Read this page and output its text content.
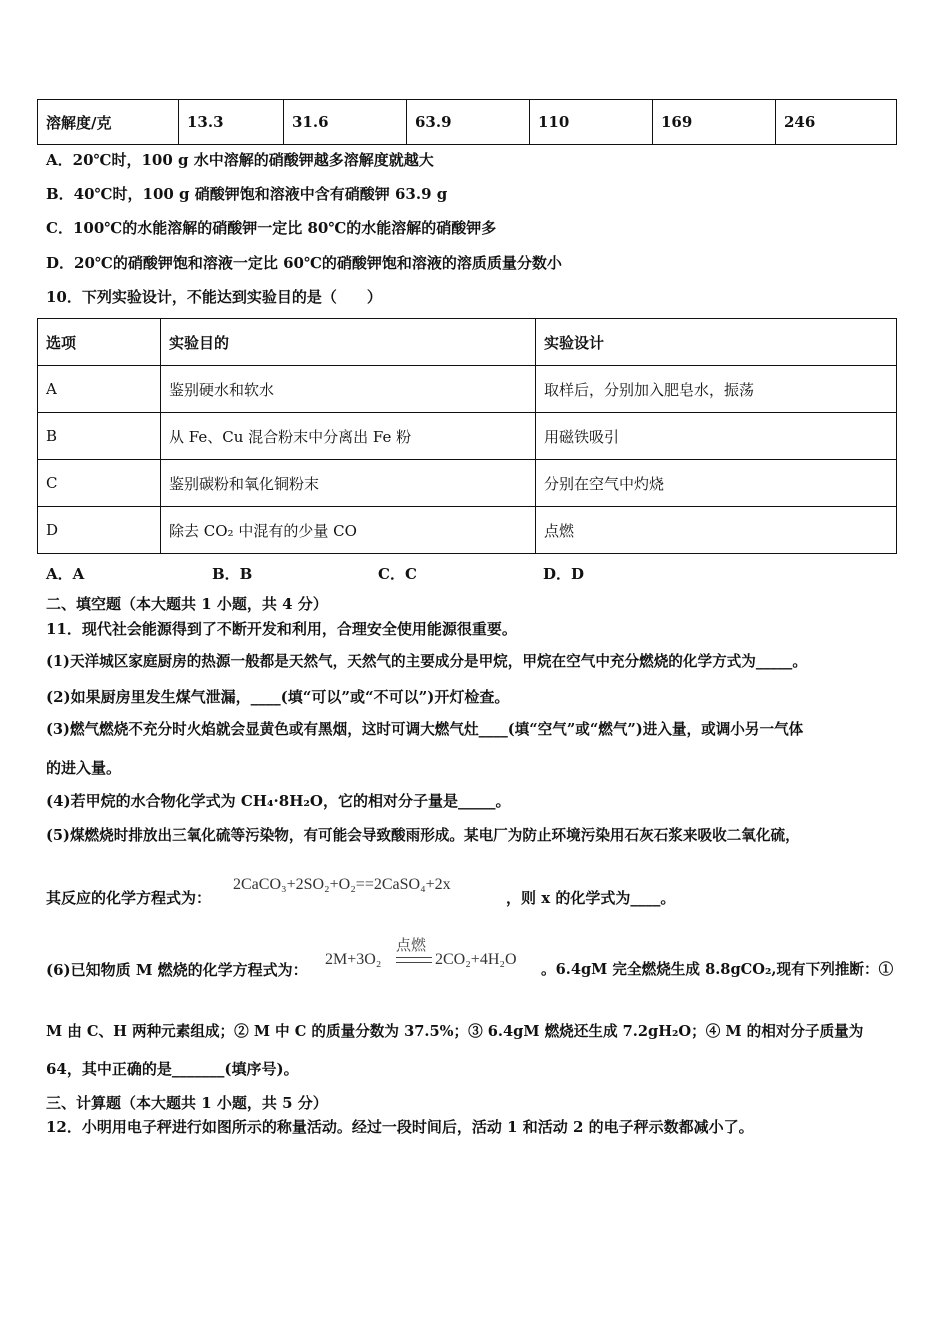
溶解度/克	13.3	31.6	63.9	110	169	246
A．20℃时，100 g 水中溶解的硝酸钾越多溶解度就越大
B．40℃时，100 g 硝酸钾饱和溶液中含有硝酸钾 63.9 g
C．100℃的水能溶解的硝酸钾一定比 80℃的水能溶解的硝酸钾多
D．20℃的硝酸钾饱和溶液一定比 60℃的硝酸钾饱和溶液的溶质质量分数小
10．下列实验设计，不能达到实验目的是（　　）
选项	实验目的	实验设计
A	鉴别硬水和软水	取样后，分别加入肥皂水，振荡
B	从 Fe、Cu 混合粉末中分离出 Fe 粉	用磁铁吸引
C	鉴别碳粉和氧化铜粉末	分别在空气中灼烧
D	除去 CO₂ 中混有的少量 CO	点燃
A．A	B．B	C．C	D．D
二、填空题（本大题共 1 小题，共 4 分）
11．现代社会能源得到了不断开发和利用，合理安全使用能源很重要。
(1)天洋城区家庭厨房的热源一般都是天然气，天然气的主要成分是甲烷，甲烷在空气中充分燃烧的化学方式为_____。
(2)如果厨房里发生煤气泄漏，____(填“可以”或“不可以”)开灯检查。
(3)燃气燃烧不充分时火焰就会显黄色或有黑烟，这时可调大燃气灶____(填“空气”或“燃气”)进入量，或调小另一气体
的进入量。
(4)若甲烷的水合物化学式为 CH₄·8H₂O，它的相对分子量是_____。
(5)煤燃烧时排放出三氧化硫等污染物，有可能会导致酸雨形成。某电厂为防止环境污染用石灰石浆来吸收二氧化硫，
其反应的化学方程式为：
2CaCO₃+2SO₂+O₂==2CaSO₄+2x
，则 x 的化学式为____。
(6)已知物质 M 燃烧的化学方程式为：
2M+3O₂
点燃
2CO₂+4H₂O
。6.4gM 完全燃烧生成 8.8gCO₂,现有下列推断：①
M 由 C、H 两种元素组成；② M 中 C 的质量分数为 37.5%；③ 6.4gM 燃烧还生成 7.2gH₂O；④ M 的相对分子质量为
64，其中正确的是_______(填序号)。
三、计算题（本大题共 1 小题，共 5 分）
12．小明用电子秤进行如图所示的称量活动。经过一段时间后，活动 1 和活动 2 的电子秤示数都减小了。
